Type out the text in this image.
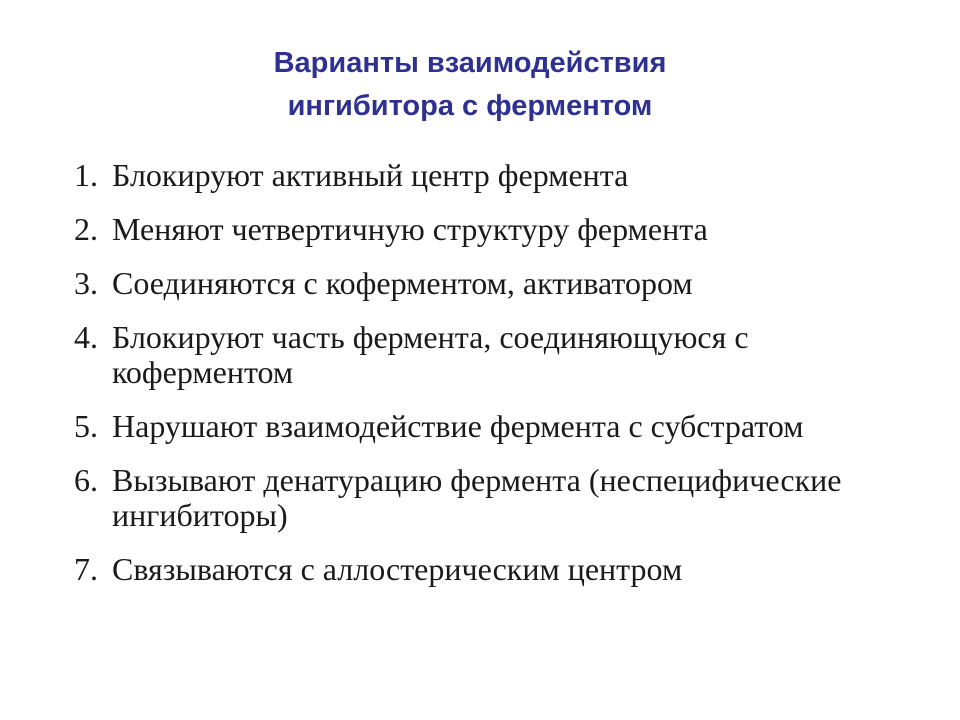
Варианты взаимодействия
ингибитора с ферментом
1. Блокируют активный центр фермента
2. Меняют четвертичную структуру фермента
3. Соединяются с коферментом, активатором
4. Блокируют часть фермента, соединяющуюся с коферментом
5. Нарушают взаимодействие фермента с субстратом
6. Вызывают денатурацию фермента (неспецифические ингибиторы)
7. Связываются с аллостерическим центром
